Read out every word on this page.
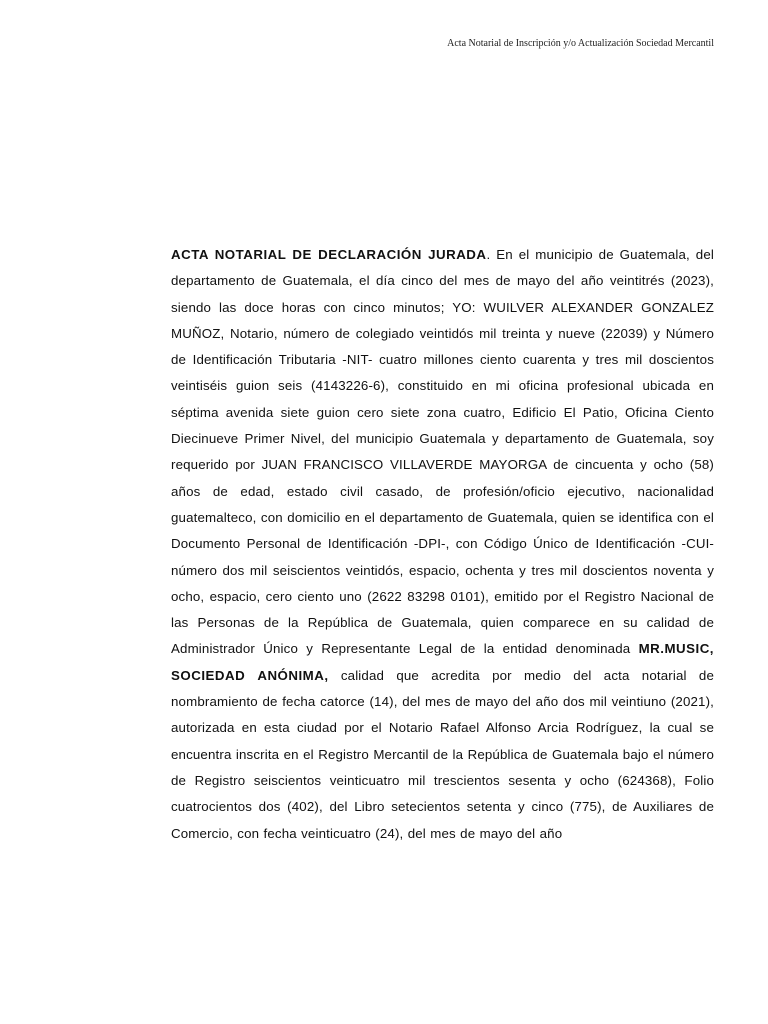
Acta Notarial de Inscripción y/o Actualización Sociedad Mercantil

ACTA NOTARIAL DE DECLARACIÓN JURADA. En el municipio de Guatemala, del departamento de Guatemala, el día cinco del mes de mayo del año veintitrés (2023), siendo las doce horas con cinco minutos; YO: WUILVER ALEXANDER GONZALEZ MUÑOZ, Notario, número de colegiado veintidós mil treinta y nueve (22039) y Número de Identificación Tributaria -NIT- cuatro millones ciento cuarenta y tres mil doscientos veintiséis guion seis (4143226-6), constituido en mi oficina profesional ubicada en séptima avenida siete guion cero siete zona cuatro, Edificio El Patio, Oficina Ciento Diecinueve Primer Nivel, del municipio Guatemala y departamento de Guatemala, soy requerido por JUAN FRANCISCO VILLAVERDE MAYORGA de cincuenta y ocho (58) años de edad, estado civil casado, de profesión/oficio ejecutivo, nacionalidad guatemalteco, con domicilio en el departamento de Guatemala, quien se identifica con el Documento Personal de Identificación -DPI-, con Código Único de Identificación -CUI- número dos mil seiscientos veintidós, espacio, ochenta y tres mil doscientos noventa y ocho, espacio, cero ciento uno (2622 83298 0101), emitido por el Registro Nacional de las Personas de la República de Guatemala, quien comparece en su calidad de Administrador Único y Representante Legal de la entidad denominada MR.MUSIC, SOCIEDAD ANÓNIMA, calidad que acredita por medio del acta notarial de nombramiento de fecha catorce (14), del mes de mayo del año dos mil veintiuno (2021), autorizada en esta ciudad por el Notario Rafael Alfonso Arcia Rodríguez, la cual se encuentra inscrita en el Registro Mercantil de la República de Guatemala bajo el número de Registro seiscientos veinticuatro mil trescientos sesenta y ocho (624368), Folio cuatrocientos dos (402), del Libro setecientos setenta y cinco (775), de Auxiliares de Comercio, con fecha veinticuatro (24), del mes de mayo del año
